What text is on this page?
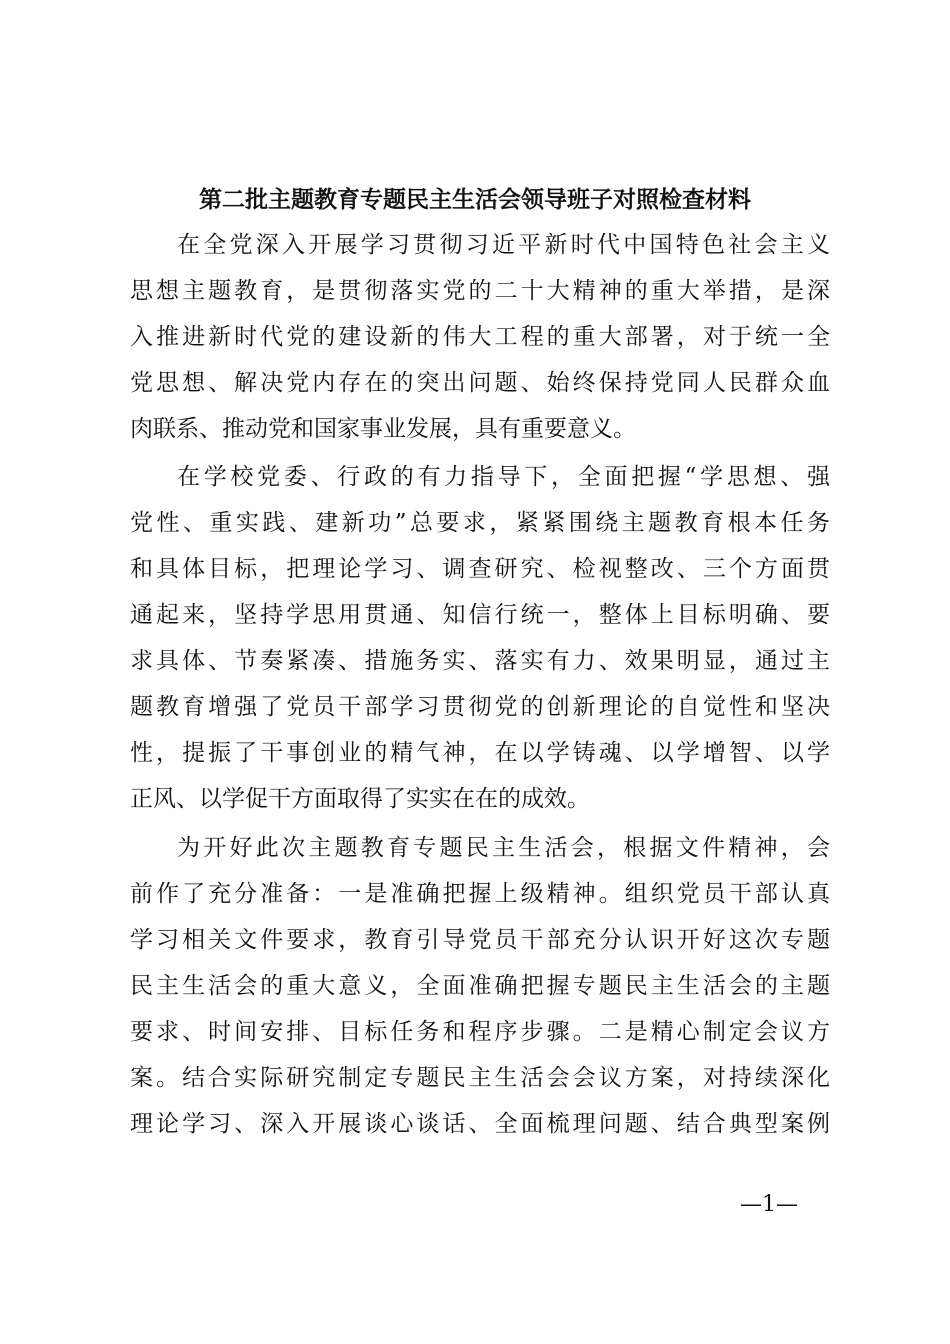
第二批主题教育专题民主生活会领导班子对照检查材料
在全党深入开展学习贯彻习近平新时代中国特色社会主义
思想主题教育，是贯彻落实党的二十大精神的重大举措，是深
入推进新时代党的建设新的伟大工程的重大部署，对于统一全
党思想、解决党内存在的突出问题、始终保持党同人民群众血
肉联系、推动党和国家事业发展，具有重要意义。
在学校党委、行政的有力指导下，全面把握“学思想、强
党性、重实践、建新功”总要求，紧紧围绕主题教育根本任务
和具体目标，把理论学习、调查研究、检视整改、三个方面贯
通起来，坚持学思用贯通、知信行统一，整体上目标明确、要
求具体、节奏紧凑、措施务实、落实有力、效果明显，通过主
题教育增强了党员干部学习贯彻党的创新理论的自觉性和坚决
性，提振了干事创业的精气神，在以学铸魂、以学增智、以学
正风、以学促干方面取得了实实在在的成效。
为开好此次主题教育专题民主生活会，根据文件精神，会
前作了充分准备：一是准确把握上级精神。组织党员干部认真
学习相关文件要求，教育引导党员干部充分认识开好这次专题
民主生活会的重大意义，全面准确把握专题民主生活会的主题
要求、时间安排、目标任务和程序步骤。二是精心制定会议方
案。结合实际研究制定专题民主生活会会议方案，对持续深化
理论学习、深入开展谈心谈话、全面梳理问题、结合典型案例
—1—
